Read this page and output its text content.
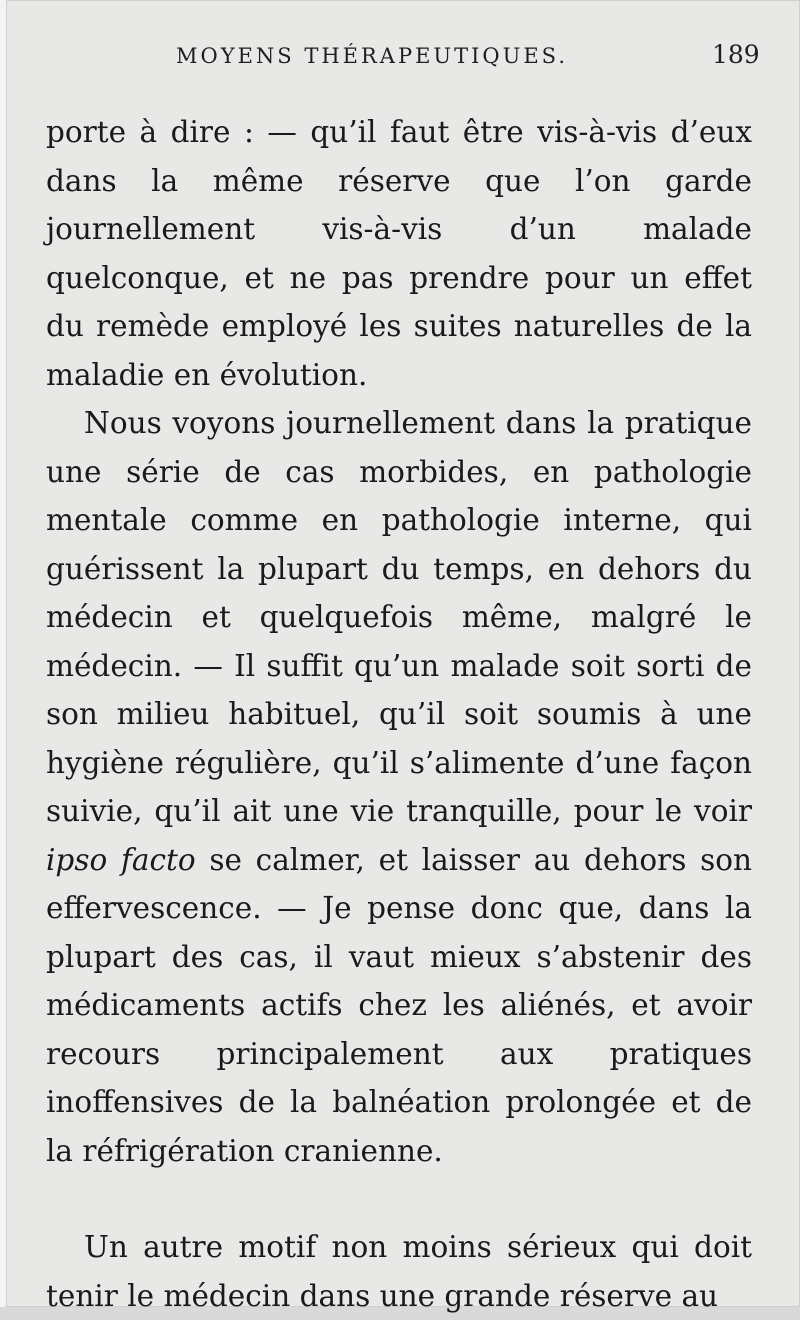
MOYENS THÉRAPEUTIQUES.	189

porte à dire : — qu’il faut être vis-à-vis d’eux dans la même réserve que l’on garde journellement vis-à-vis d’un malade quelconque, et ne pas prendre pour un effet du remède employé les suites naturelles de la maladie en évolution.

Nous voyons journellement dans la pratique une série de cas morbides, en pathologie mentale comme en pathologie interne, qui guérissent la plupart du temps, en dehors du médecin et quelquefois même, malgré le médecin. — Il suffit qu’un malade soit sorti de son milieu habituel, qu’il soit soumis à une hygiène régulière, qu’il s’alimente d’une façon suivie, qu’il ait une vie tranquille, pour le voir ipso facto se calmer, et laisser au dehors son effervescence. — Je pense donc que, dans la plupart des cas, il vaut mieux s’abstenir des médicaments actifs chez les aliénés, et avoir recours principalement aux pratiques inoffensives de la balnéation prolongée et de la réfrigération cranienne.

Un autre motif non moins sérieux qui doit tenir le médecin dans une grande réserve au
